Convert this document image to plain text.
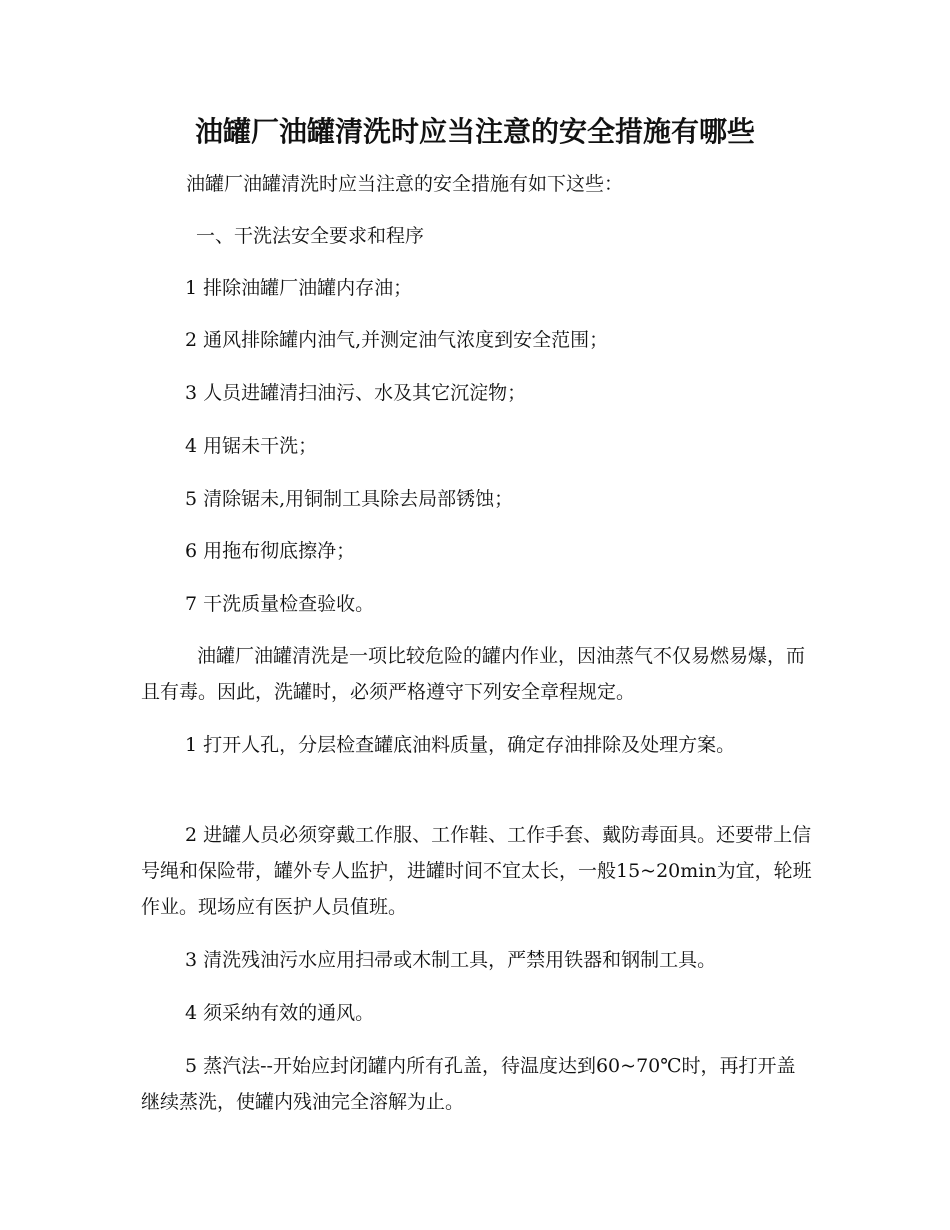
油罐厂油罐清洗时应当注意的安全措施有哪些

油罐厂油罐清洗时应当注意的安全措施有如下这些：

一、干洗法安全要求和程序

1 排除油罐厂油罐内存油；

2 通风排除罐内油气,并测定油气浓度到安全范围；

3 人员进罐清扫油污、水及其它沉淀物；

4 用锯未干洗；

5 清除锯未,用铜制工具除去局部锈蚀；

6 用拖布彻底擦净；

7 干洗质量检查验收。

油罐厂油罐清洗是一项比较危险的罐内作业，因油蒸气不仅易燃易爆，而且有毒。因此，洗罐时，必须严格遵守下列安全章程规定。

1 打开人孔，分层检查罐底油料质量，确定存油排除及处理方案。

2 进罐人员必须穿戴工作服、工作鞋、工作手套、戴防毒面具。还要带上信号绳和保险带，罐外专人监护，进罐时间不宜太长，一般15~20min为宜，轮班作业。现场应有医护人员值班。

3 清洗残油污水应用扫帚或木制工具，严禁用铁器和钢制工具。

4 须采纳有效的通风。

5 蒸汽法--开始应封闭罐内所有孔盖，待温度达到60~70℃时，再打开盖继续蒸洗，使罐内残油完全溶解为止。
